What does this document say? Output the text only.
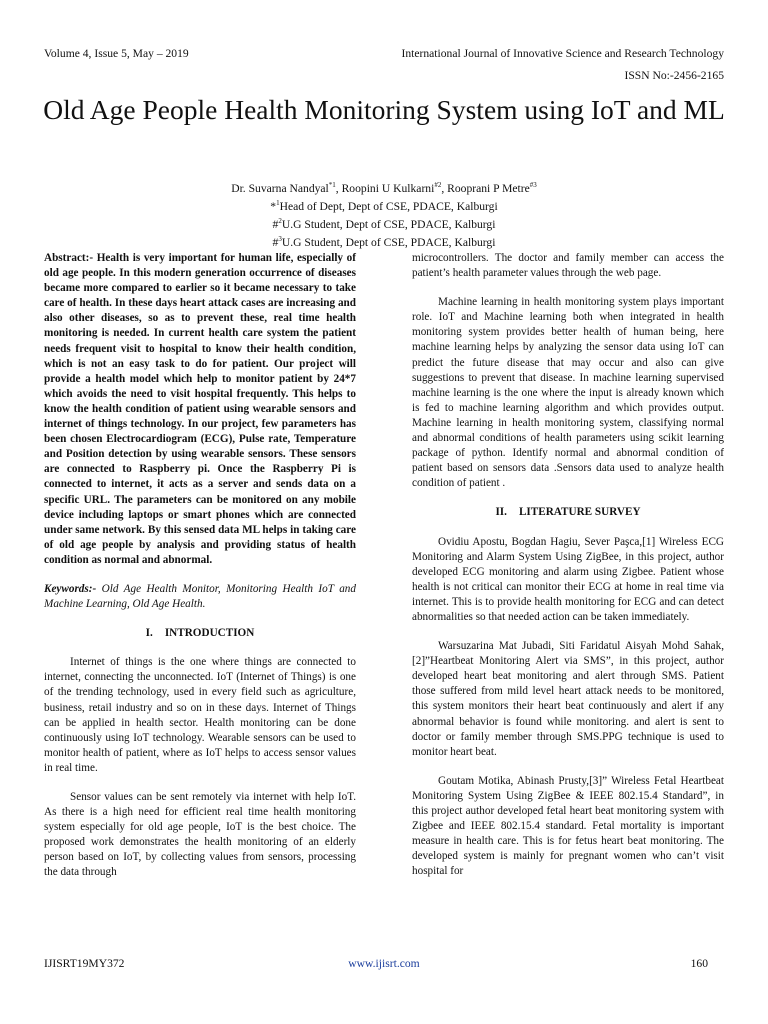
Volume 4, Issue 5, May – 2019	International Journal of Innovative Science and Research Technology
ISSN No:-2456-2165
Old Age People Health Monitoring System using IoT and ML
Dr. Suvarna Nandyal$^{*1}$, Roopini U Kulkarni$^{\#2}$, Rooprani P Metre$^{\#3}$
*$^1$Head of Dept, Dept of CSE, PDACE, Kalburgi
#$^2$U.G Student, Dept of CSE, PDACE, Kalburgi
#$^3$U.G Student, Dept of CSE, PDACE, Kalburgi

Abstract:- Health is very important for human life, especially of old age people. In this modern generation occurrence of diseases became more compared to earlier so it became necessary to take care of health. In these days heart attack cases are increasing and also other diseases, so as to prevent these, real time health monitoring is needed. In current health care system the patient needs frequent visit to hospital to know their health condition, which is not an easy task to do for patient. Our project will provide a health model which help to monitor patient by 24*7 which avoids the need to visit hospital frequently. This helps to know the health condition of patient using wearable sensors and internet of things technology. In our project, few parameters has been chosen Electrocardiogram (ECG), Pulse rate, Temperature and Position detection by using wearable sensors. These sensors are connected to Raspberry pi. Once the Raspberry Pi is connected to internet, it acts as a server and sends data on a specific URL. The parameters can be monitored on any mobile device including laptops or smart phones which are connected under same network. By this sensed data ML helps in taking care of old age people by analysis and providing status of health condition as normal and abnormal.

Keywords:- Old Age Health Monitor, Monitoring Health IoT and Machine Learning, Old Age Health.

I. INTRODUCTION

Internet of things is the one where things are connected to internet, connecting the unconnected. IoT (Internet of Things) is one of the trending technology, used in every field such as agriculture, business, retail industry and so on in these days. Internet of Things can be applied in health sector. Health monitoring can be done continuously using IoT technology. Wearable sensors can be used to monitor health of patient, where as IoT helps to access sensor values in real time.

Sensor values can be sent remotely via internet with help IoT. As there is a high need for efficient real time health monitoring system especially for old age people, IoT is the best choice. The proposed work demonstrates the health monitoring of an elderly person based on IoT, by collecting values from sensors, processing the data through

microcontrollers. The doctor and family member can access the patient’s health parameter values through the web page.

Machine learning in health monitoring system plays important role. IoT and Machine learning both when integrated in health monitoring system provides better health of human being, here machine learning helps by analyzing the sensor data using IoT can predict the future disease that may occur and also can give suggestions to prevent that disease. In machine learning supervised machine learning is the one where the input is already known which is fed to machine learning algorithm and which provides output. Machine learning in health monitoring system, classifying normal and abnormal conditions of health parameters using scikit learning package of python. Identify normal and abnormal condition of patient based on sensors data .Sensors data used to analyze health condition of patient .

II. LITERATURE SURVEY

Ovidiu Apostu, Bogdan Hagiu, Sever Paşca,[1] Wireless ECG Monitoring and Alarm System Using ZigBee, in this project, author developed ECG monitoring and alarm using Zigbee. Patient whose health is not critical can monitor their ECG at home in real time via internet. This is to provide health monitoring for ECG and can detect abnormalities so that needed action can be taken immediately.

Warsuzarina Mat Jubadi, Siti Faridatul Aisyah Mohd Sahak,[2]”Heartbeat Monitoring Alert via SMS”, in this project, author developed heart beat monitoring and alert through SMS. Patient those suffered from mild level heart attack needs to be monitored, this system monitors their heart beat continuously and alert if any abnormal behavior is found while monitoring. and alert is sent to doctor or family member through SMS.PPG technique is used to monitor heart beat.

Goutam Motika, Abinash Prusty,[3]” Wireless Fetal Heartbeat Monitoring System Using ZigBee & IEEE 802.15.4 Standard”, in this project author developed fetal heart beat monitoring system with Zigbee and IEEE 802.15.4 standard. Fetal mortality is important measure in health care. This is for fetus heart beat monitoring. The developed system is mainly for pregnant women who can’t visit hospital for

IJISRT19MY372	www.ijisrt.com	160
